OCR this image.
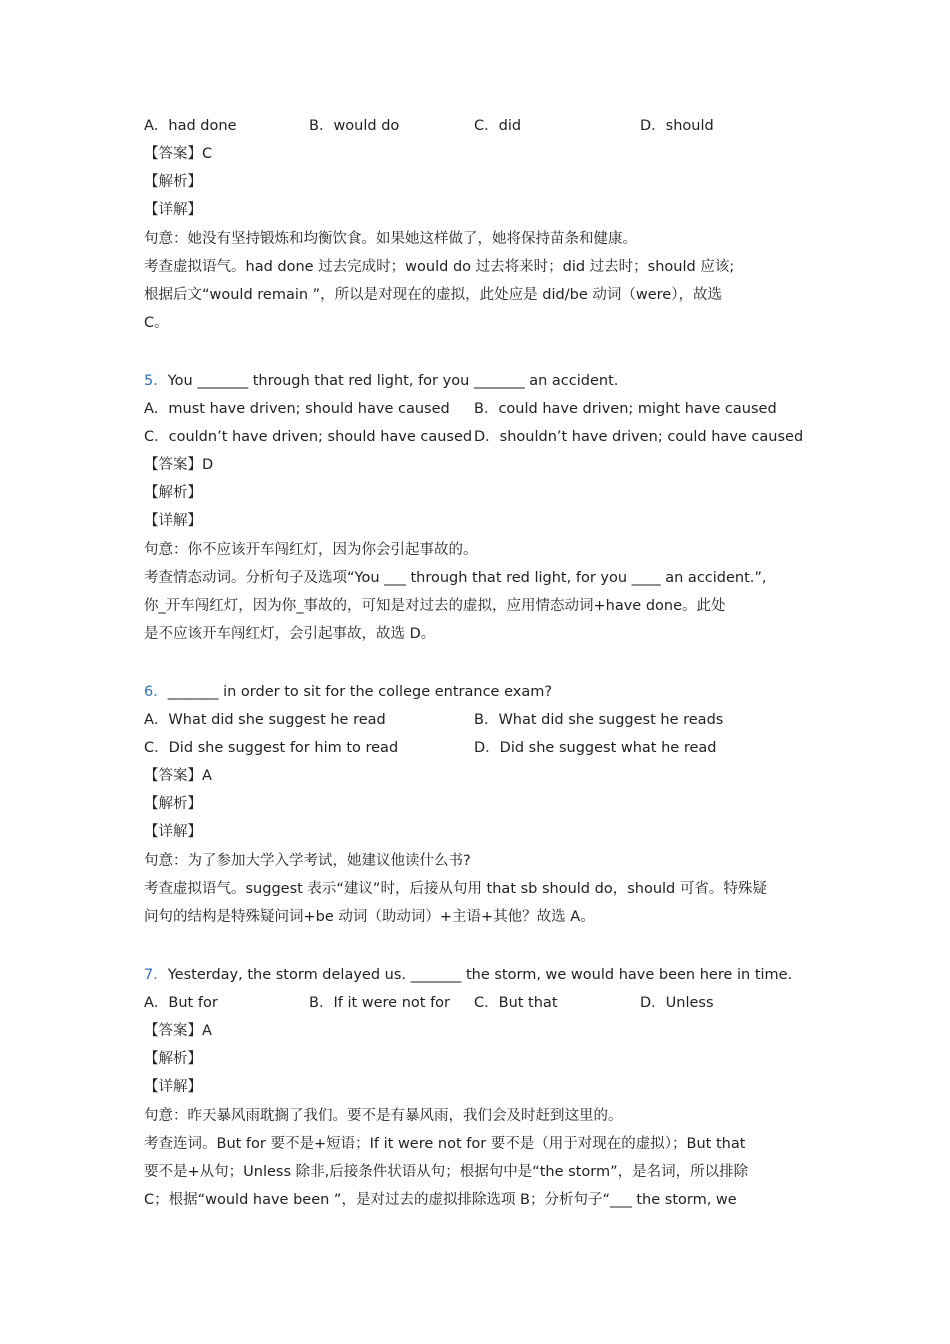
A．had done	B．would do	C．did	D．should
【答案】C
【解析】
【详解】
句意：她没有坚持锻炼和均衡饮食。如果她这样做了，她将保持苗条和健康。
考查虚拟语气。had done 过去完成时；would do 过去将来时；did 过去时；should 应该;
根据后文“would remain ”，所以是对现在的虚拟，此处应是 did/be 动词（were），故选
C。
5．You _______ through that red light, for you _______ an accident.
A．must have driven; should have caused B．could have driven; might have caused
C．couldn’t have driven; should have caused D．shouldn’t have driven; could have caused
【答案】D
【解析】
【详解】
句意：你不应该开车闯红灯，因为你会引起事故的。
考查情态动词。分析句子及选项“You ___ through that red light, for you ____ an accident.”,
你_开车闯红灯，因为你_事故的，可知是对过去的虚拟，应用情态动词+have done。此处
是不应该开车闯红灯，会引起事故，故选 D。
6．_______ in order to sit for the college entrance exam?
A．What did she suggest he read	B．What did she suggest he reads
C．Did she suggest for him to read	D．Did she suggest what he read
【答案】A
【解析】
【详解】
句意：为了参加大学入学考试，她建议他读什么书?
考查虚拟语气。suggest 表示“建议”时，后接从句用 that sb should do，should 可省。特殊疑
问句的结构是特殊疑问词+be 动词（助动词）+主语+其他？故选 A。
7．Yesterday, the storm delayed us. _______ the storm, we would have been here in time.
A．But for	B．If it were not for C．But that	D．Unless
【答案】A
【解析】
【详解】
句意：昨天暴风雨耽搁了我们。要不是有暴风雨，我们会及时赶到这里的。
考查连词。But for 要不是+短语；If it were not for 要不是（用于对现在的虚拟）；But that
要不是+从句；Unless 除非,后接条件状语从句；根据句中是“the storm”，是名词，所以排除
C；根据“would have been ”，是对过去的虚拟排除选项 B；分析句子“___ the storm, we
